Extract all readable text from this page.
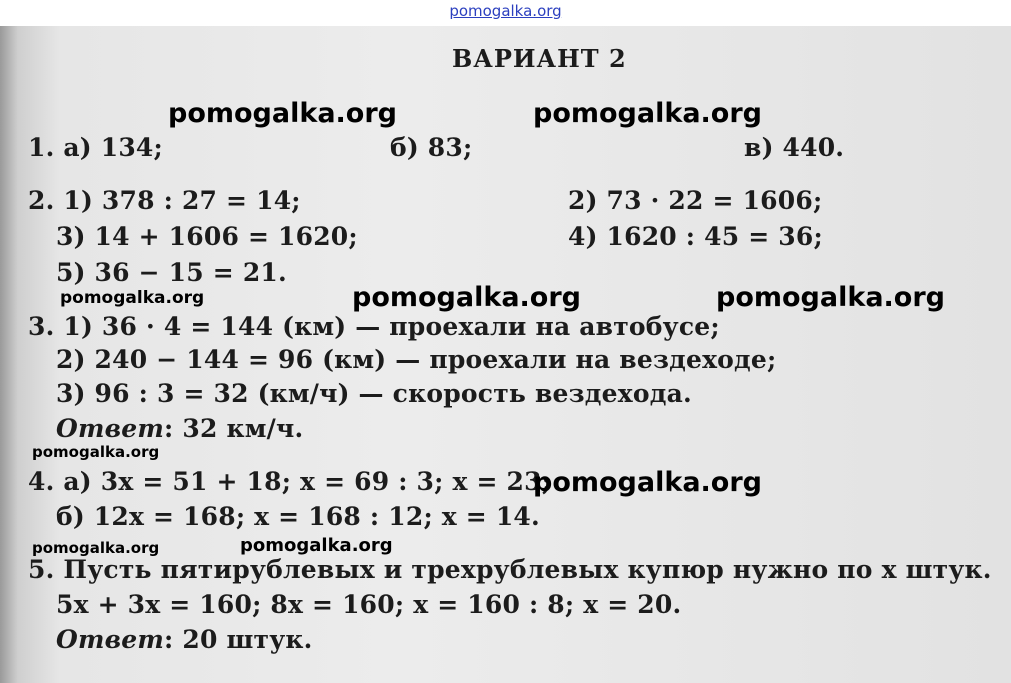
pomogalka.org
ВАРИАНТ 2
1. а) 134;	б) 83;	в) 440.
2. 1) 378 : 27 = 14;	2) 73 · 22 = 1606;
3) 14 + 1606 = 1620;	4) 1620 : 45 = 36;
5) 36 − 15 = 21.
3. 1) 36 · 4 = 144 (км) — проехали на автобусе;
2) 240 − 144 = 96 (км) — проехали на вездеходе;
3) 96 : 3 = 32 (км/ч) — скорость вездехода.
Ответ: 32 км/ч.
4. а) 3x = 51 + 18; x = 69 : 3; x = 23;
б) 12x = 168; x = 168 : 12; x = 14.
5. Пусть пятирублевых и трехрублевых купюр нужно по x штук.
5x + 3x = 160; 8x = 160; x = 160 : 8; x = 20.
Ответ: 20 штук.
pomogalka.org	pomogalka.org
pomogalka.org	pomogalka.org	pomogalka.org
pomogalka.org
pomogalka.org
pomogalka.org	pomogalka.org
